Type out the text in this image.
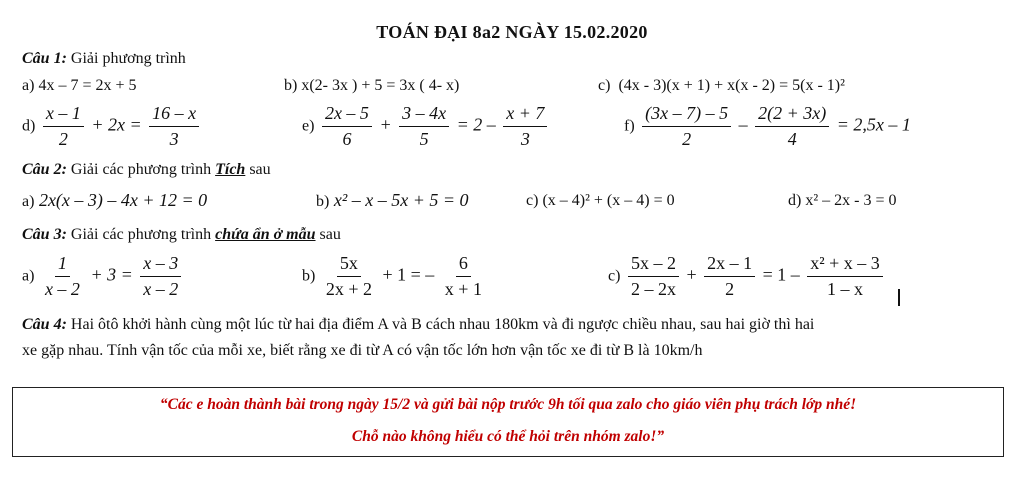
TOÁN ĐẠI 8a2 NGÀY 15.02.2020
Câu 1: Giải phương trình
a) 4x – 7 = 2x + 5	b) x(2- 3x ) + 5 = 3x ( 4- x)	c) (4x - 3)(x + 1) + x(x - 2) = 5(x - 1)²
$d) \frac{x - 1}{2} + 2x = \frac{16 - x}{3}$	$e) \frac{2x - 5}{6} + \frac{3 - 4x}{5} = 2 - \frac{x + 7}{3}$	$f) \frac{(3x - 7) - 5}{2} - \frac{2(2 + 3x)}{4} = 2,5x - 1$
Câu 2: Giải các phương trình Tích sau
a) 2x(x – 3) – 4x + 12 = 0	b) x² – x – 5x + 5 = 0	c) (x – 4)² + (x – 4) = 0	d) x² – 2x - 3 = 0
Câu 3: Giải các phương trình chứa ẩn ở mẫu sau
$a) \frac{1}{x - 2} + 3 = \frac{x - 3}{x - 2}$	$b) \frac{5x}{2x + 2} + 1$ = – $\frac{6}{x + 1}$	$c) \frac{5x - 2}{2 - 2x} + \frac{2x - 1}{2} = 1 - \frac{\text{x² + x – 3}}{1 - x}$
Câu 4: Hai ôtô khởi hành cùng một lúc từ hai địa điểm A và B cách nhau 180km và đi ngược chiều nhau, sau hai giờ thì hai
xe gặp nhau. Tính vận tốc của mỗi xe, biết rằng xe đi từ A có vận tốc lớn hơn vận tốc xe đi từ B là 10km/h
“Các e hoàn thành bài trong ngày 15/2 và gửi bài nộp trước 9h tối qua zalo cho giáo viên phụ trách lớp nhé!
Chỗ nào không hiểu có thể hỏi trên nhóm zalo!”
